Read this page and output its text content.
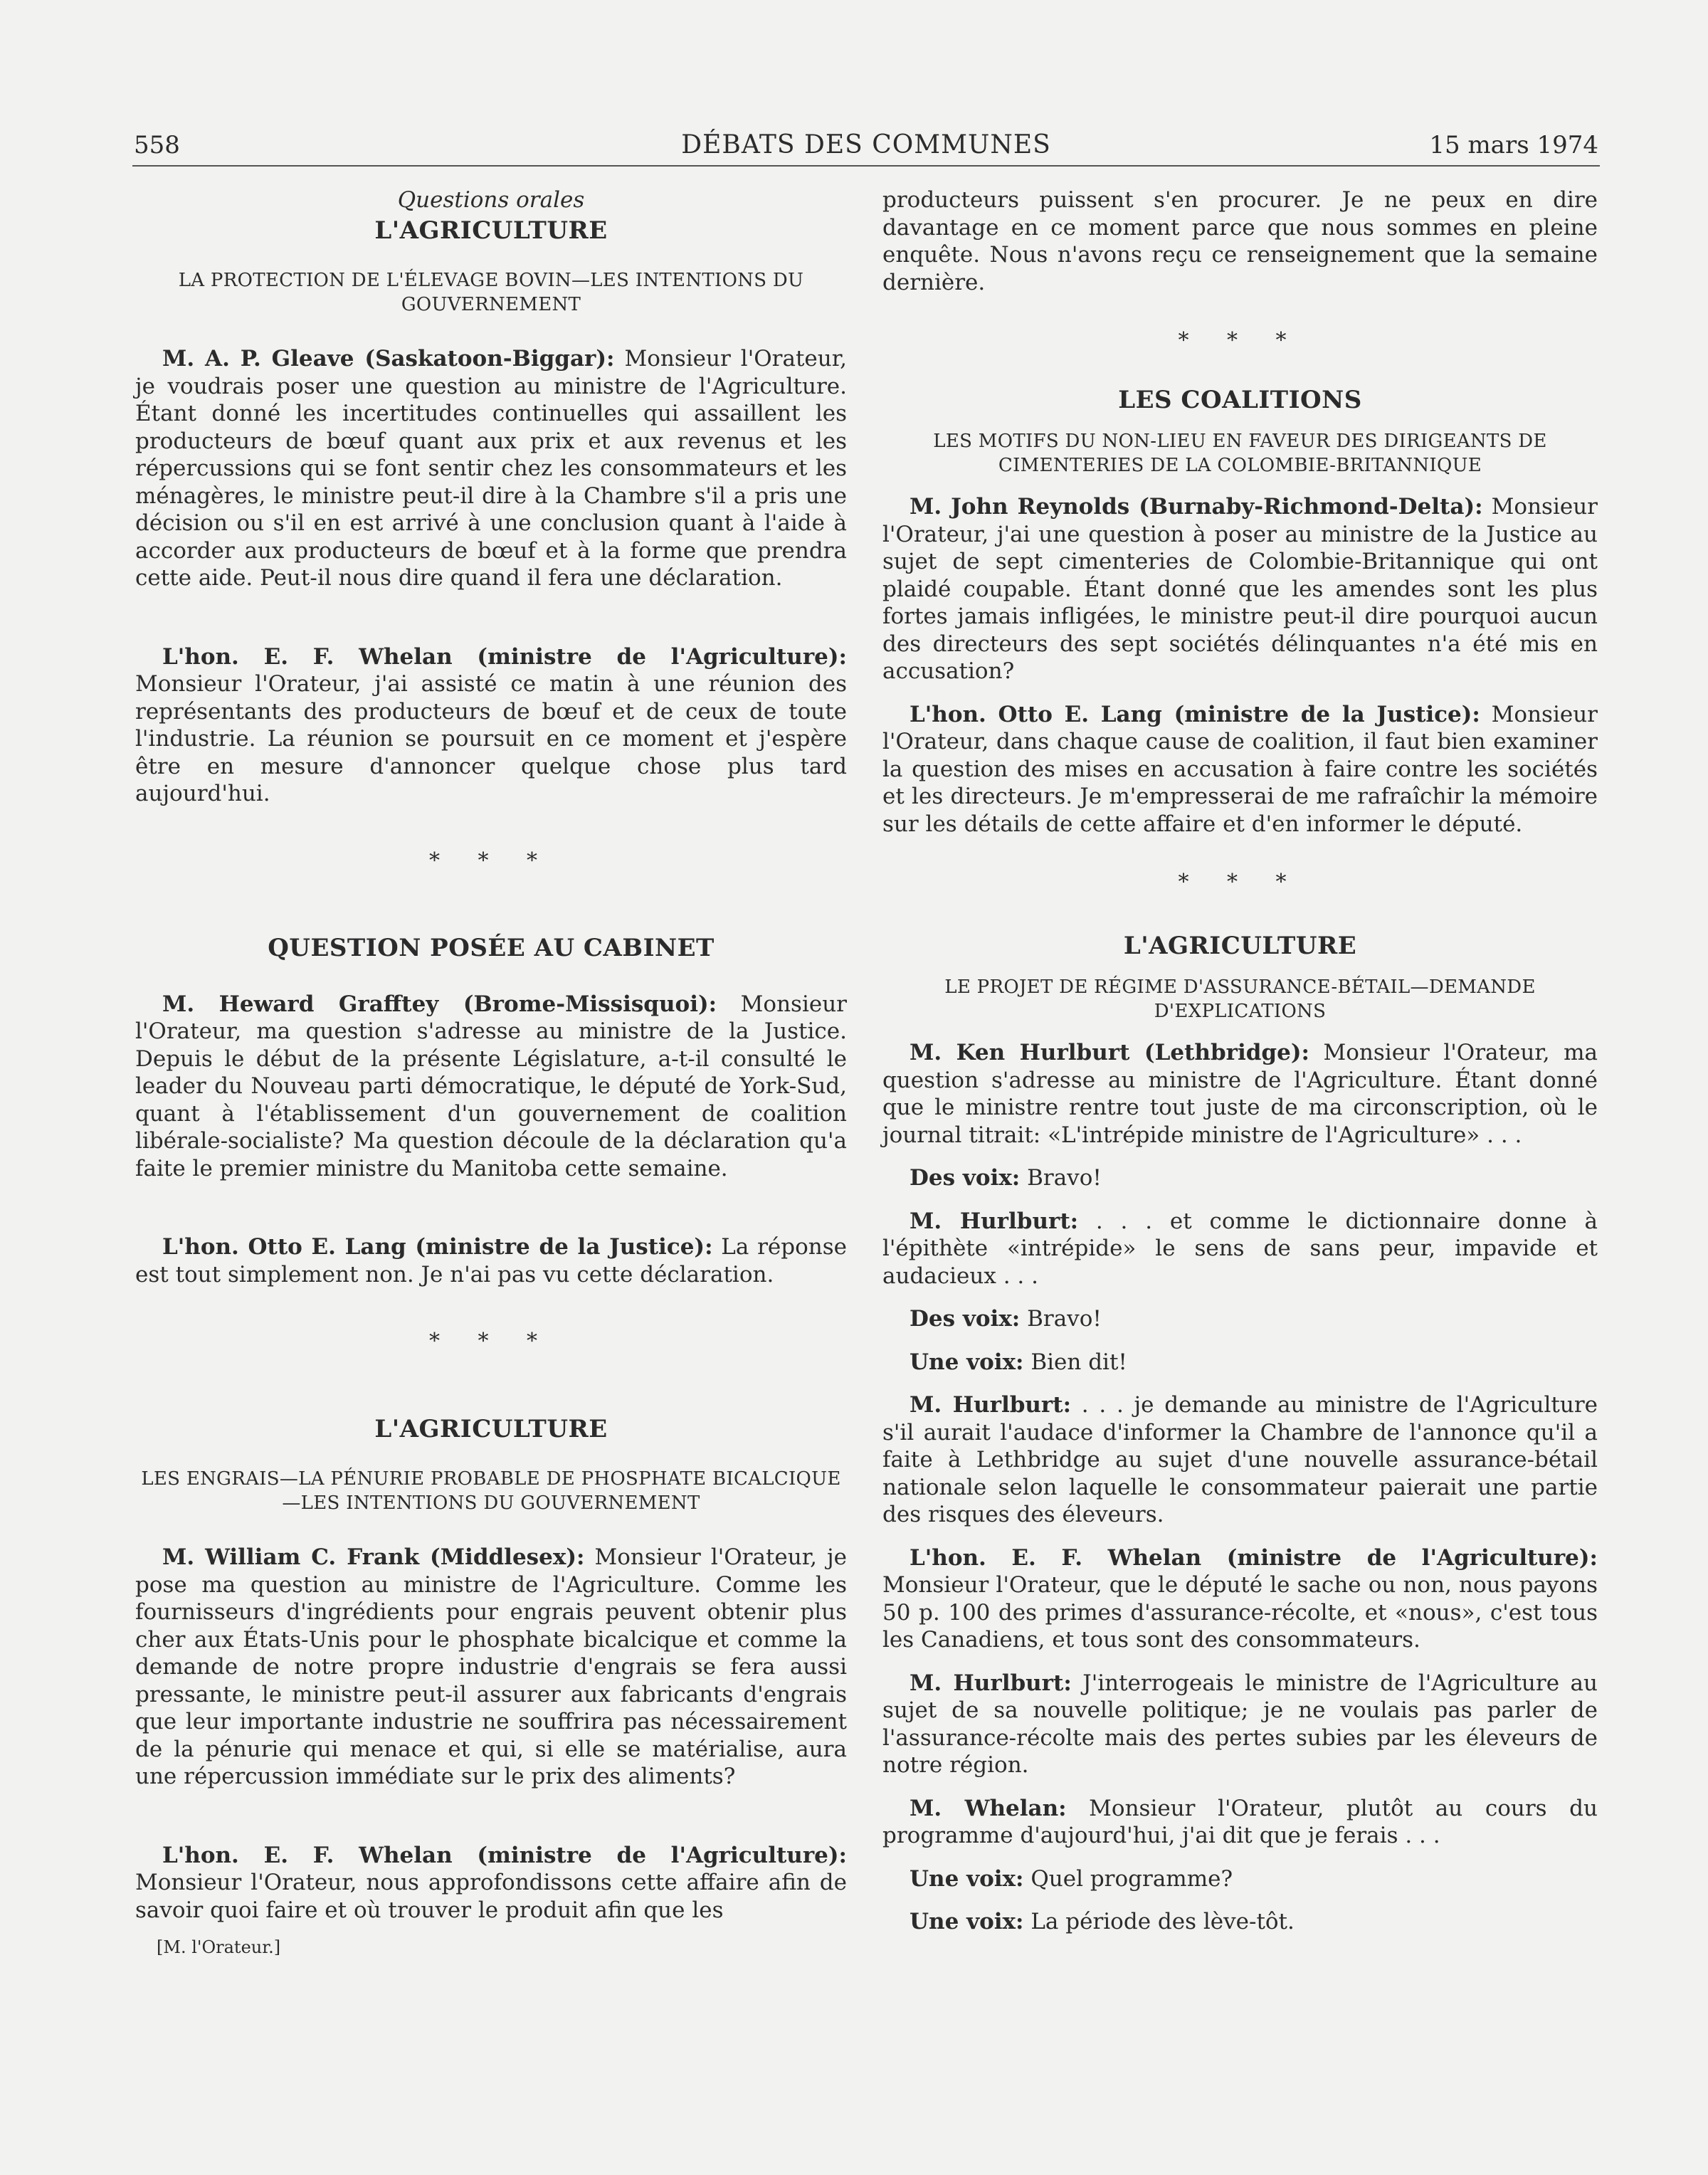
558	DÉBATS DES COMMUNES	15 mars 1974
Questions orales
L'AGRICULTURE
LA PROTECTION DE L'ÉLEVAGE BOVIN—LES INTENTIONS DU GOUVERNEMENT

M. A. P. Gleave (Saskatoon-Biggar): Monsieur l'Orateur, je voudrais poser une question au ministre de l'Agriculture. Étant donné les incertitudes continuelles qui assaillent les producteurs de bœuf quant aux prix et aux revenus et les répercussions qui se font sentir chez les consommateurs et les ménagères, le ministre peut-il dire à la Chambre s'il a pris une décision ou s'il en est arrivé à une conclusion quant à l'aide à accorder aux producteurs de bœuf et à la forme que prendra cette aide. Peut-il nous dire quand il fera une déclaration.

L'hon. E. F. Whelan (ministre de l'Agriculture): Monsieur l'Orateur, j'ai assisté ce matin à une réunion des représentants des producteurs de bœuf et de ceux de toute l'industrie. La réunion se poursuit en ce moment et j'espère être en mesure d'annoncer quelque chose plus tard aujourd'hui.

* * *
QUESTION POSÉE AU CABINET

M. Heward Grafftey (Brome-Missisquoi): Monsieur l'Orateur, ma question s'adresse au ministre de la Justice. Depuis le début de la présente Législature, a-t-il consulté le leader du Nouveau parti démocratique, le député de York-Sud, quant à l'établissement d'un gouvernement de coalition libérale-socialiste? Ma question découle de la déclaration qu'a faite le premier ministre du Manitoba cette semaine.

L'hon. Otto E. Lang (ministre de la Justice): La réponse est tout simplement non. Je n'ai pas vu cette déclaration.

* * *
L'AGRICULTURE
LES ENGRAIS—LA PÉNURIE PROBABLE DE PHOSPHATE BICALCIQUE—LES INTENTIONS DU GOUVERNEMENT

M. William C. Frank (Middlesex): Monsieur l'Orateur, je pose ma question au ministre de l'Agriculture. Comme les fournisseurs d'ingrédients pour engrais peuvent obtenir plus cher aux États-Unis pour le phosphate bicalcique et comme la demande de notre propre industrie d'engrais se fera aussi pressante, le ministre peut-il assurer aux fabricants d'engrais que leur importante industrie ne souffrira pas nécessairement de la pénurie qui menace et qui, si elle se matérialise, aura une répercussion immédiate sur le prix des aliments?

L'hon. E. F. Whelan (ministre de l'Agriculture): Monsieur l'Orateur, nous approfondissons cette affaire afin de savoir quoi faire et où trouver le produit afin que les

[M. l'Orateur.]

producteurs puissent s'en procurer. Je ne peux en dire davantage en ce moment parce que nous sommes en pleine enquête. Nous n'avons reçu ce renseignement que la semaine dernière.

* * *
LES COALITIONS
LES MOTIFS DU NON-LIEU EN FAVEUR DES DIRIGEANTS DE CIMENTERIES DE LA COLOMBIE-BRITANNIQUE

M. John Reynolds (Burnaby-Richmond-Delta): Monsieur l'Orateur, j'ai une question à poser au ministre de la Justice au sujet de sept cimenteries de Colombie-Britannique qui ont plaidé coupable. Étant donné que les amendes sont les plus fortes jamais infligées, le ministre peut-il dire pourquoi aucun des directeurs des sept sociétés délinquantes n'a été mis en accusation?

L'hon. Otto E. Lang (ministre de la Justice): Monsieur l'Orateur, dans chaque cause de coalition, il faut bien examiner la question des mises en accusation à faire contre les sociétés et les directeurs. Je m'empresserai de me rafraîchir la mémoire sur les détails de cette affaire et d'en informer le député.

* * *
L'AGRICULTURE
LE PROJET DE RÉGIME D'ASSURANCE-BÉTAIL—DEMANDE D'EXPLICATIONS

M. Ken Hurlburt (Lethbridge): Monsieur l'Orateur, ma question s'adresse au ministre de l'Agriculture. Étant donné que le ministre rentre tout juste de ma circonscription, où le journal titrait: «L'intrépide ministre de l'Agriculture» . . .

Des voix: Bravo!

M. Hurlburt: . . . et comme le dictionnaire donne à l'épithète «intrépide» le sens de sans peur, impavide et audacieux . . .

Des voix: Bravo!

Une voix: Bien dit!

M. Hurlburt: . . . je demande au ministre de l'Agriculture s'il aurait l'audace d'informer la Chambre de l'annonce qu'il a faite à Lethbridge au sujet d'une nouvelle assurance-bétail nationale selon laquelle le consommateur paierait une partie des risques des éleveurs.

L'hon. E. F. Whelan (ministre de l'Agriculture): Monsieur l'Orateur, que le député le sache ou non, nous payons 50 p. 100 des primes d'assurance-récolte, et «nous», c'est tous les Canadiens, et tous sont des consommateurs.

M. Hurlburt: J'interrogeais le ministre de l'Agriculture au sujet de sa nouvelle politique; je ne voulais pas parler de l'assurance-récolte mais des pertes subies par les éleveurs de notre région.

M. Whelan: Monsieur l'Orateur, plutôt au cours du programme d'aujourd'hui, j'ai dit que je ferais . . .

Une voix: Quel programme?

Une voix: La période des lève-tôt.
